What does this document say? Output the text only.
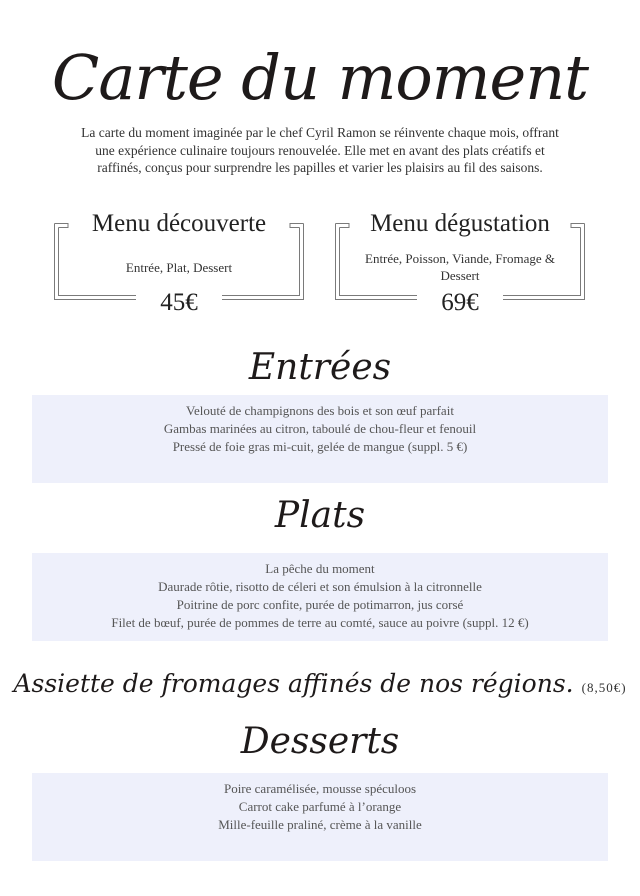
Carte du moment
La carte du moment imaginée par le chef Cyril Ramon se réinvente chaque mois, offrant une expérience culinaire toujours renouvelée. Elle met en avant des plats créatifs et raffinés, conçus pour surprendre les papilles et varier les plaisirs au fil des saisons.
Menu découverte
Entrée, Plat, Dessert
45€
Menu dégustation
Entrée, Poisson, Viande, Fromage & Dessert
69€
Entrées
Velouté de champignons des bois et son œuf parfait
Gambas marinées au citron, taboulé de chou-fleur et fenouil
Pressé de foie gras mi-cuit, gelée de mangue (suppl. 5 €)
Plats
La pêche du moment
Daurade rôtie, risotto de céleri et son émulsion à la citronnelle
Poitrine de porc confite, purée de potimarron, jus corsé
Filet de bœuf, purée de pommes de terre au comté, sauce au poivre (suppl. 12 €)
Assiette de fromages affinés de nos régions. (8,50€)
Desserts
Poire caramélisée, mousse spéculoos
Carrot cake parfumé à l’orange
Mille-feuille praliné, crème à la vanille
